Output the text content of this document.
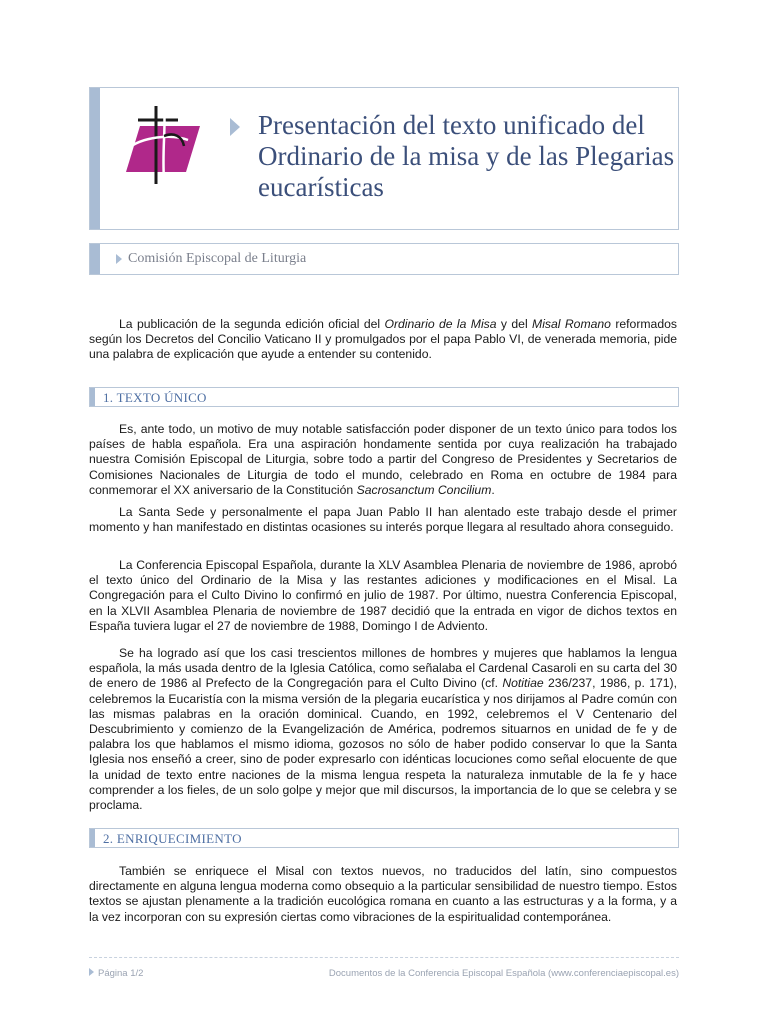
Presentación del texto unificado del Ordinario de la misa y de las Plegarias eucarísticas
Comisión Episcopal de Liturgia

La publicación de la segunda edición oficial del Ordinario de la Misa y del Misal Romano reformados según los Decretos del Concilio Vaticano II y promulgados por el papa Pablo VI, de venerada memoria, pide una palabra de explicación que ayude a entender su contenido.

1. TEXTO ÚNICO

Es, ante todo, un motivo de muy notable satisfacción poder disponer de un texto único para todos los países de habla española. Era una aspiración hondamente sentida por cuya realización ha trabajado nuestra Comisión Episcopal de Liturgia, sobre todo a partir del Congreso de Presidentes y Secretarios de Comisiones Nacionales de Liturgia de todo el mundo, celebrado en Roma en octubre de 1984 para conmemorar el XX aniversario de la Constitución Sacrosanctum Concilium.

La Santa Sede y personalmente el papa Juan Pablo II han alentado este trabajo desde el primer momento y han manifestado en distintas ocasiones su interés porque llegara al resultado ahora conseguido.

La Conferencia Episcopal Española, durante la XLV Asamblea Plenaria de noviembre de 1986, aprobó el texto único del Ordinario de la Misa y las restantes adiciones y modificaciones en el Misal. La Congregación para el Culto Divino lo confirmó en julio de 1987. Por último, nuestra Conferencia Episcopal, en la XLVII Asamblea Plenaria de noviembre de 1987 decidió que la entrada en vigor de dichos textos en España tuviera lugar el 27 de noviembre de 1988, Domingo I de Adviento.

Se ha logrado así que los casi trescientos millones de hombres y mujeres que hablamos la lengua española, la más usada dentro de la Iglesia Católica, como señalaba el Cardenal Casaroli en su carta del 30 de enero de 1986 al Prefecto de la Congregación para el Culto Divino (cf. Notitiae 236/237, 1986, p. 171), celebremos la Eucaristía con la misma versión de la plegaria eucarística y nos dirijamos al Padre común con las mismas palabras en la oración dominical. Cuando, en 1992, celebremos el V Centenario del Descubrimiento y comienzo de la Evangelización de América, podremos situarnos en unidad de fe y de palabra los que hablamos el mismo idioma, gozosos no sólo de haber podido conservar lo que la Santa Iglesia nos enseñó a creer, sino de poder expresarlo con idénticas locuciones como señal elocuente de que la unidad de texto entre naciones de la misma lengua respeta la naturaleza inmutable de la fe y hace comprender a los fieles, de un solo golpe y mejor que mil discursos, la importancia de lo que se celebra y se proclama.

2. ENRIQUECIMIENTO

También se enriquece el Misal con textos nuevos, no traducidos del latín, sino compuestos directamente en alguna lengua moderna como obsequio a la particular sensibilidad de nuestro tiempo. Estos textos se ajustan plenamente a la tradición eucológica romana en cuanto a las estructuras y a la forma, y a la vez incorporan con su expresión ciertas como vibraciones de la espiritualidad contemporánea.

Página 1/2	Documentos de la Conferencia Episcopal Española (www.conferenciaepiscopal.es)
